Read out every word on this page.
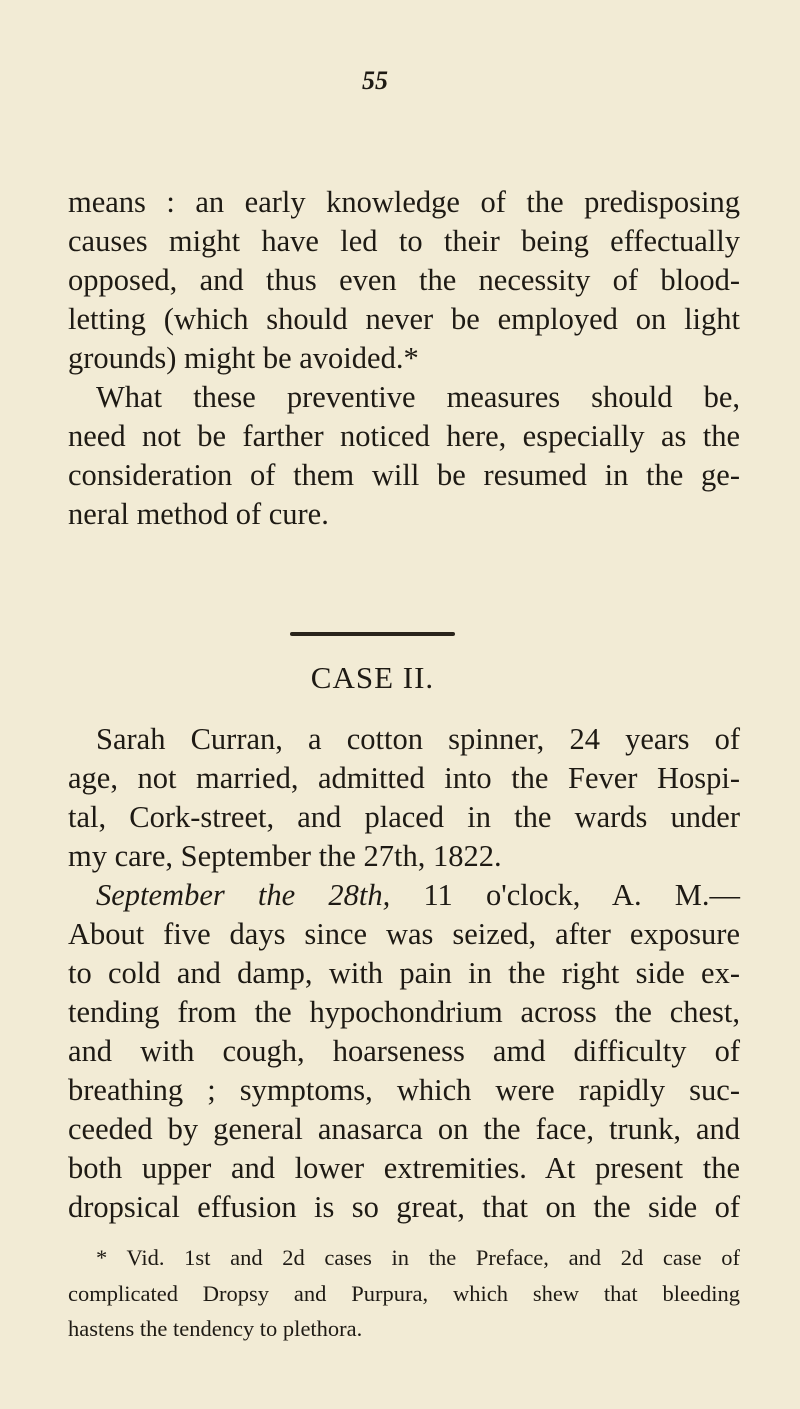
55
means : an early knowledge of the predisposing
causes might have led to their being effectually
opposed, and thus even the necessity of blood-
letting (which should never be employed on light
grounds) might be avoided.*
What these preventive measures should be,
need not be farther noticed here, especially as the
consideration of them will be resumed in the ge-
neral method of cure.
CASE II.
Sarah Curran, a cotton spinner, 24 years of
age, not married, admitted into the Fever Hospi-
tal, Cork-street, and placed in the wards under
my care, September the 27th, 1822.
September the 28th, 11 o'clock, A. M.—
About five days since was seized, after exposure
to cold and damp, with pain in the right side ex-
tending from the hypochondrium across the chest,
and with cough, hoarseness amd difficulty of
breathing ; symptoms, which were rapidly suc-
ceeded by general anasarca on the face, trunk, and
both upper and lower extremities. At present the
dropsical effusion is so great, that on the side of
* Vid. 1st and 2d cases in the Preface, and 2d case of
complicated Dropsy and Purpura, which shew that bleeding
hastens the tendency to plethora.
